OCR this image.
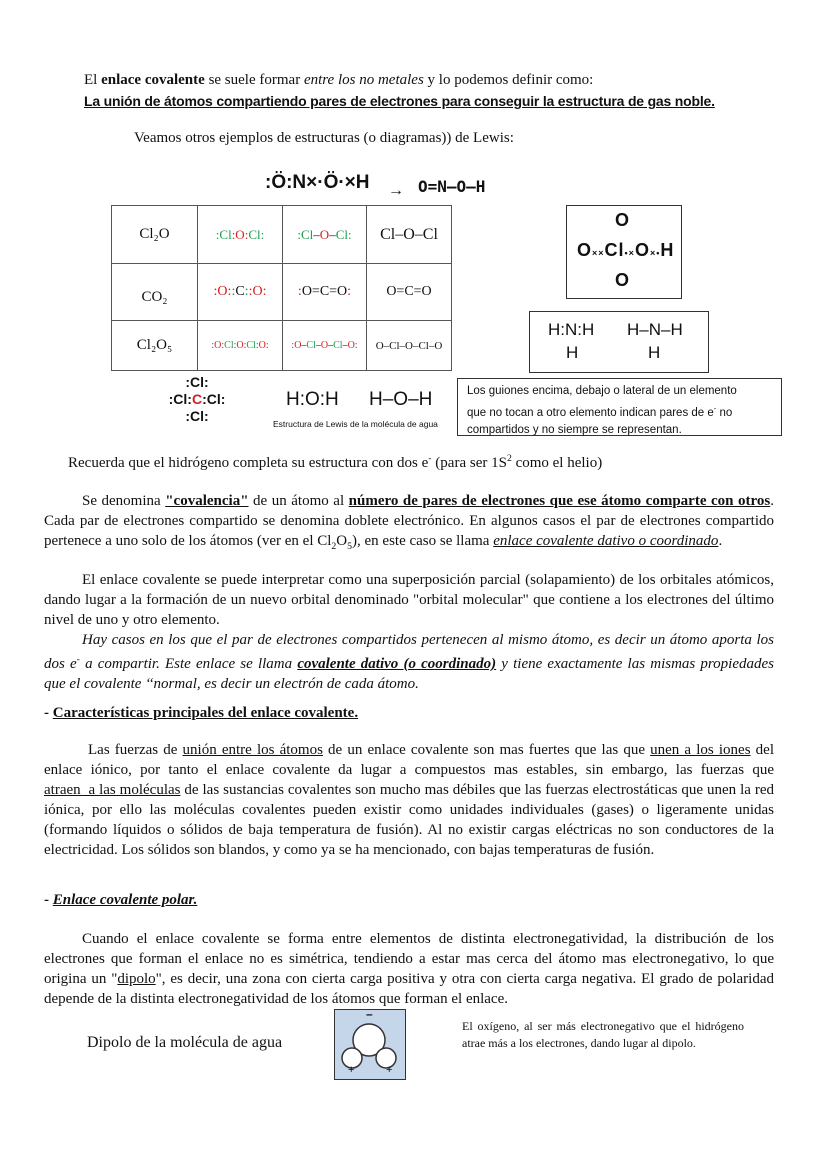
El enlace covalente se suele formar entre los no metales y lo podemos definir como:
La unión de átomos compartiendo pares de electrones para conseguir la estructura de gas noble.
Veamos otros ejemplos de estructuras (o diagramas)) de Lewis:
:Ö:N×·Ö·×H → O=N–O–H
Cl₂O	:Cl:O:Cl:	:Cl–O–Cl:	Cl–O–Cl
CO₂	:O::C::O:	:O=C=O:	O=C=O
Cl₂O₅	:O:Cl:O:Cl:O:	:O–Cl–O–Cl–O:	O–Cl–O–Cl–O
O
O××Cl•×O×•H
O
H:N:H
H
H–N–H
H
:Cl:
:Cl:C:Cl:
:Cl:
H:O:H H–O–H
Estructura de Lewis de la molécula de agua
Los guiones encima, debajo o lateral de un elemento
que no tocan a otro elemento indican pares de e- no
compartidos y no siempre se representan.
Recuerda que el hidrógeno completa su estructura con dos e- (para ser $1S^2$ como el helio)
Se denomina "covalencia" de un átomo al número de pares de electrones que ese átomo comparte con otros. Cada par de electrones compartido se denomina doblete electrónico. En algunos casos el par de electrones compartido pertenece a uno solo de los átomos (ver en el $Cl_2O_5$), en este caso se llama enlace covalente dativo o coordinado.
El enlace covalente se puede interpretar como una superposición parcial (solapamiento) de los orbitales atómicos, dando lugar a la formación de un nuevo orbital denominado "orbital molecular" que contiene a los electrones del último nivel de uno y otro elemento.
Hay casos en los que el par de electrones compartidos pertenecen al mismo átomo, es decir un átomo aporta los dos e- a compartir. Este enlace se llama covalente dativo (o coordinado) y tiene exactamente las mismas propiedades que el covalente ‘‘normal, es decir un electrón de cada átomo.
- Características principales del enlace covalente.
Las fuerzas de unión entre los átomos de un enlace covalente son mas fuertes que las que unen a los iones del enlace iónico, por tanto el enlace covalente da lugar a compuestos mas estables, sin embargo, las fuerzas que atraen  a las moléculas de las sustancias covalentes son mucho mas débiles que las fuerzas electrostáticas que unen la red iónica, por ello las moléculas covalentes pueden existir como unidades individuales (gases) o ligeramente unidas (formando líquidos o sólidos de baja temperatura de fusión). Al no existir cargas eléctricas no son conductores de la electricidad. Los sólidos son blandos, y como ya se ha mencionado, con bajas temperaturas de fusión.
- Enlace covalente polar.
Cuando el enlace covalente se forma entre elementos de distinta electronegatividad, la distribución de los electrones que forman el enlace no es simétrica, tendiendo a estar mas cerca del átomo mas electronegativo, lo que origina un "dipolo", es decir, una zona con cierta carga positiva y otra con cierta carga negativa. El grado de polaridad depende de la distinta electronegatividad de los átomos que forman el enlace.
Dipolo de la molécula de agua
–
+	+
El oxígeno, al ser más electronegativo que el hidrógeno atrae más a los electrones, dando lugar al dipolo.
